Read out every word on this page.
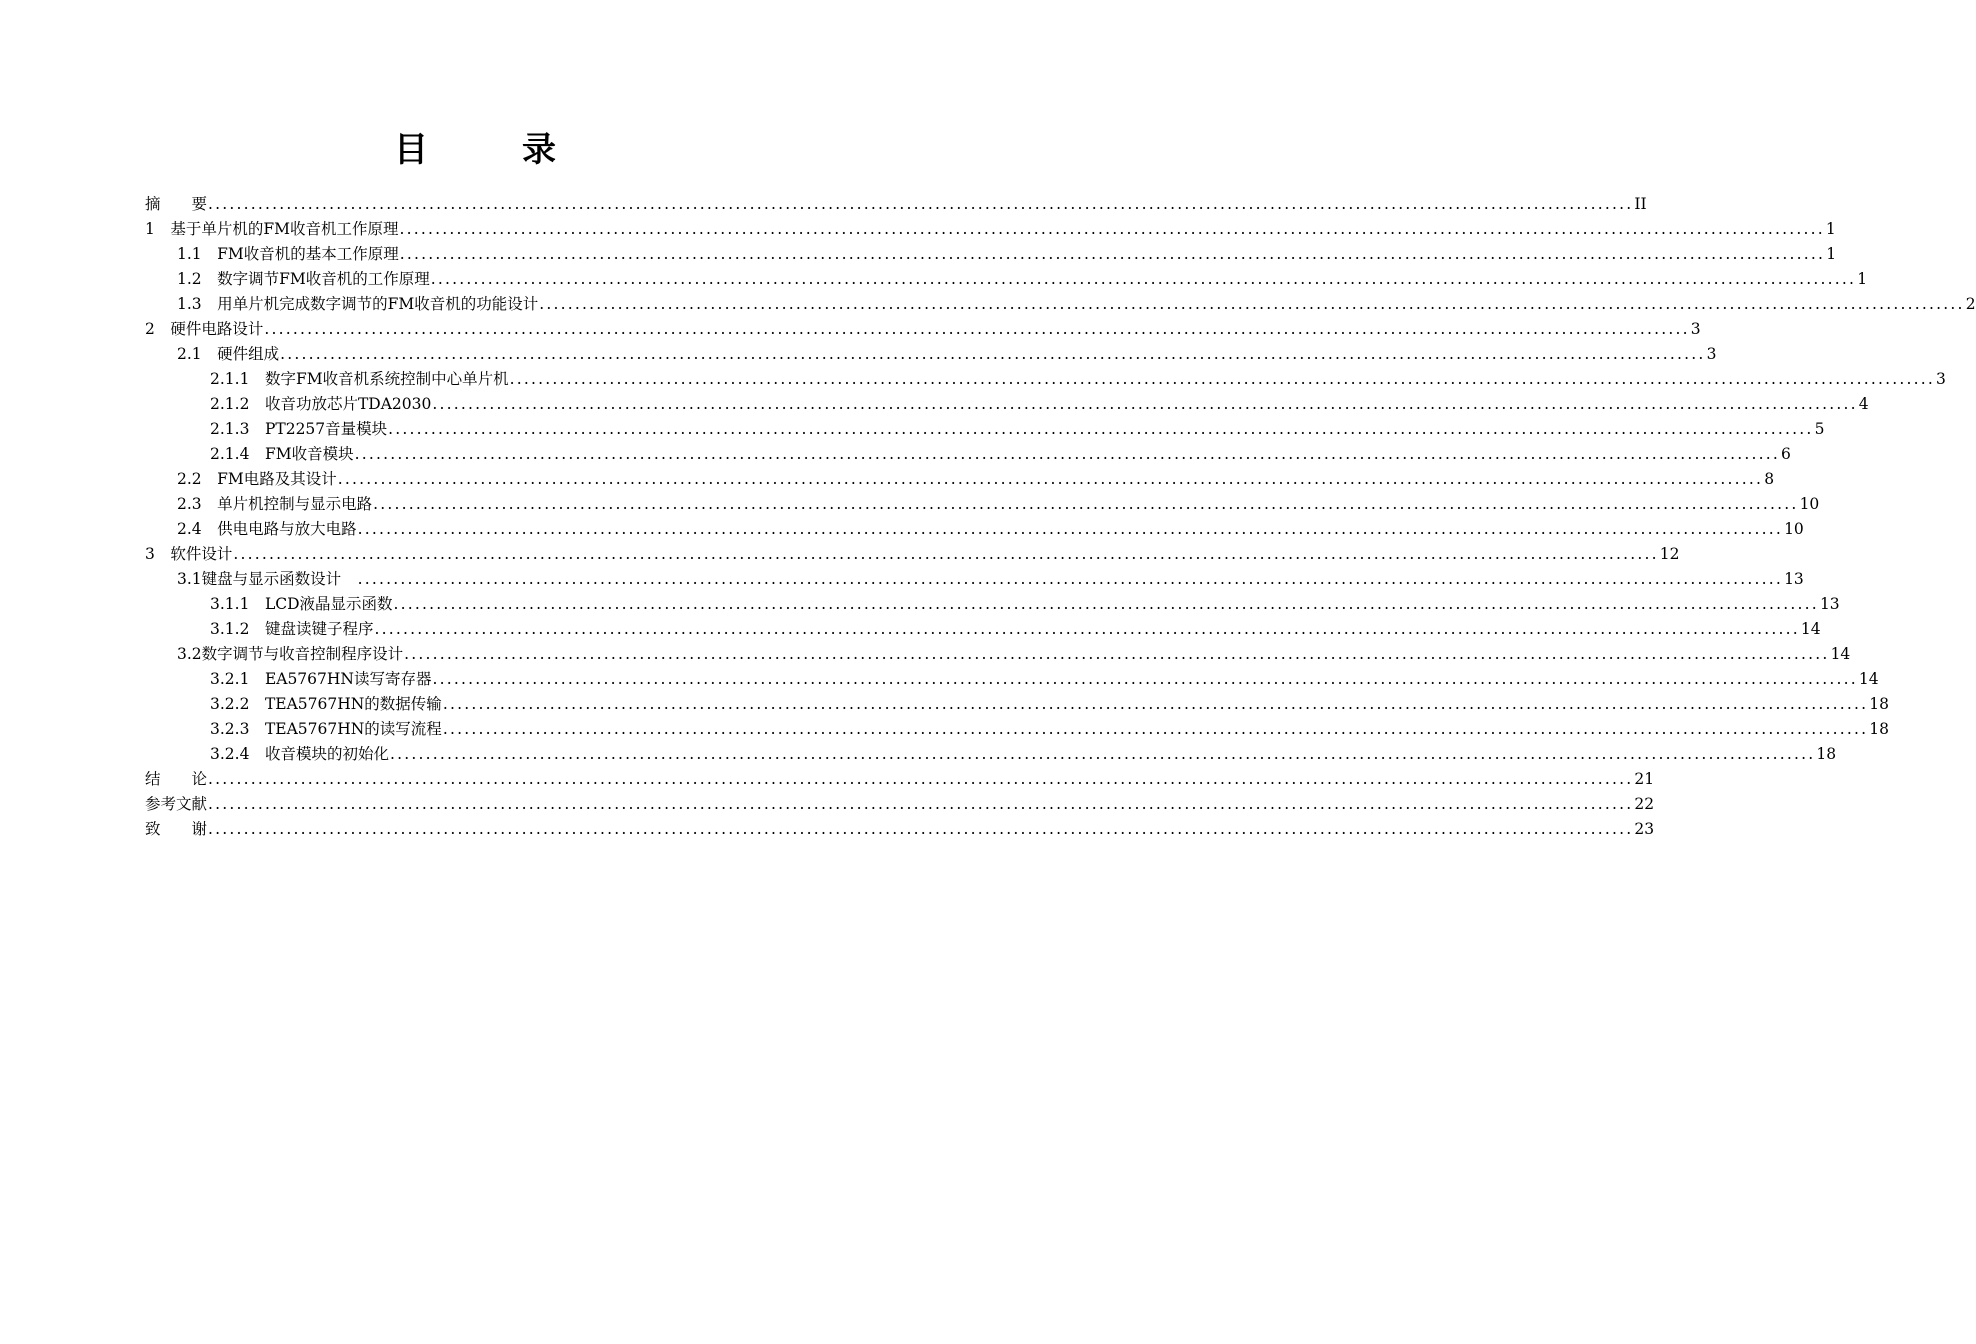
目　录
摘　　要 ........................................................................................................................................................................................................ II
1　基于单片机的FM收音机工作原理 ........................................................................................................................................................................................................ 1
1.1　FM收音机的基本工作原理 ........................................................................................................................................................................................................ 1
1.2　数字调节FM收音机的工作原理 ........................................................................................................................................................................................................ 1
1.3　用单片机完成数字调节的FM收音机的功能设计 ........................................................................................................................................................................................................ 2
2　硬件电路设计 ........................................................................................................................................................................................................ 3
2.1　硬件组成 ........................................................................................................................................................................................................ 3
2.1.1　数字FM收音机系统控制中心单片机 ........................................................................................................................................................................................................ 3
2.1.2　收音功放芯片TDA2030 ........................................................................................................................................................................................................ 4
2.1.3　PT2257音量模块 ........................................................................................................................................................................................................ 5
2.1.4　FM收音模块 ........................................................................................................................................................................................................ 6
2.2　FM电路及其设计 ........................................................................................................................................................................................................ 8
2.3　单片机控制与显示电路 ........................................................................................................................................................................................................ 10
2.4　供电电路与放大电路 ........................................................................................................................................................................................................ 10
3　软件设计 ........................................................................................................................................................................................................ 12
3.1键盘与显示函数设计　 ........................................................................................................................................................................................................ 13
3.1.1　LCD液晶显示函数 ........................................................................................................................................................................................................ 13
3.1.2　键盘读键子程序 ........................................................................................................................................................................................................ 14
3.2数字调节与收音控制程序设计 ........................................................................................................................................................................................................ 14
3.2.1　EA5767HN读写寄存器 ........................................................................................................................................................................................................ 14
3.2.2　TEA5767HN的数据传输 ........................................................................................................................................................................................................ 18
3.2.3　TEA5767HN的读写流程 ........................................................................................................................................................................................................ 18
3.2.4　收音模块的初始化 ........................................................................................................................................................................................................ 18
结　　论 ........................................................................................................................................................................................................ 21
参考文献 ........................................................................................................................................................................................................ 22
致　　谢 ........................................................................................................................................................................................................ 23
